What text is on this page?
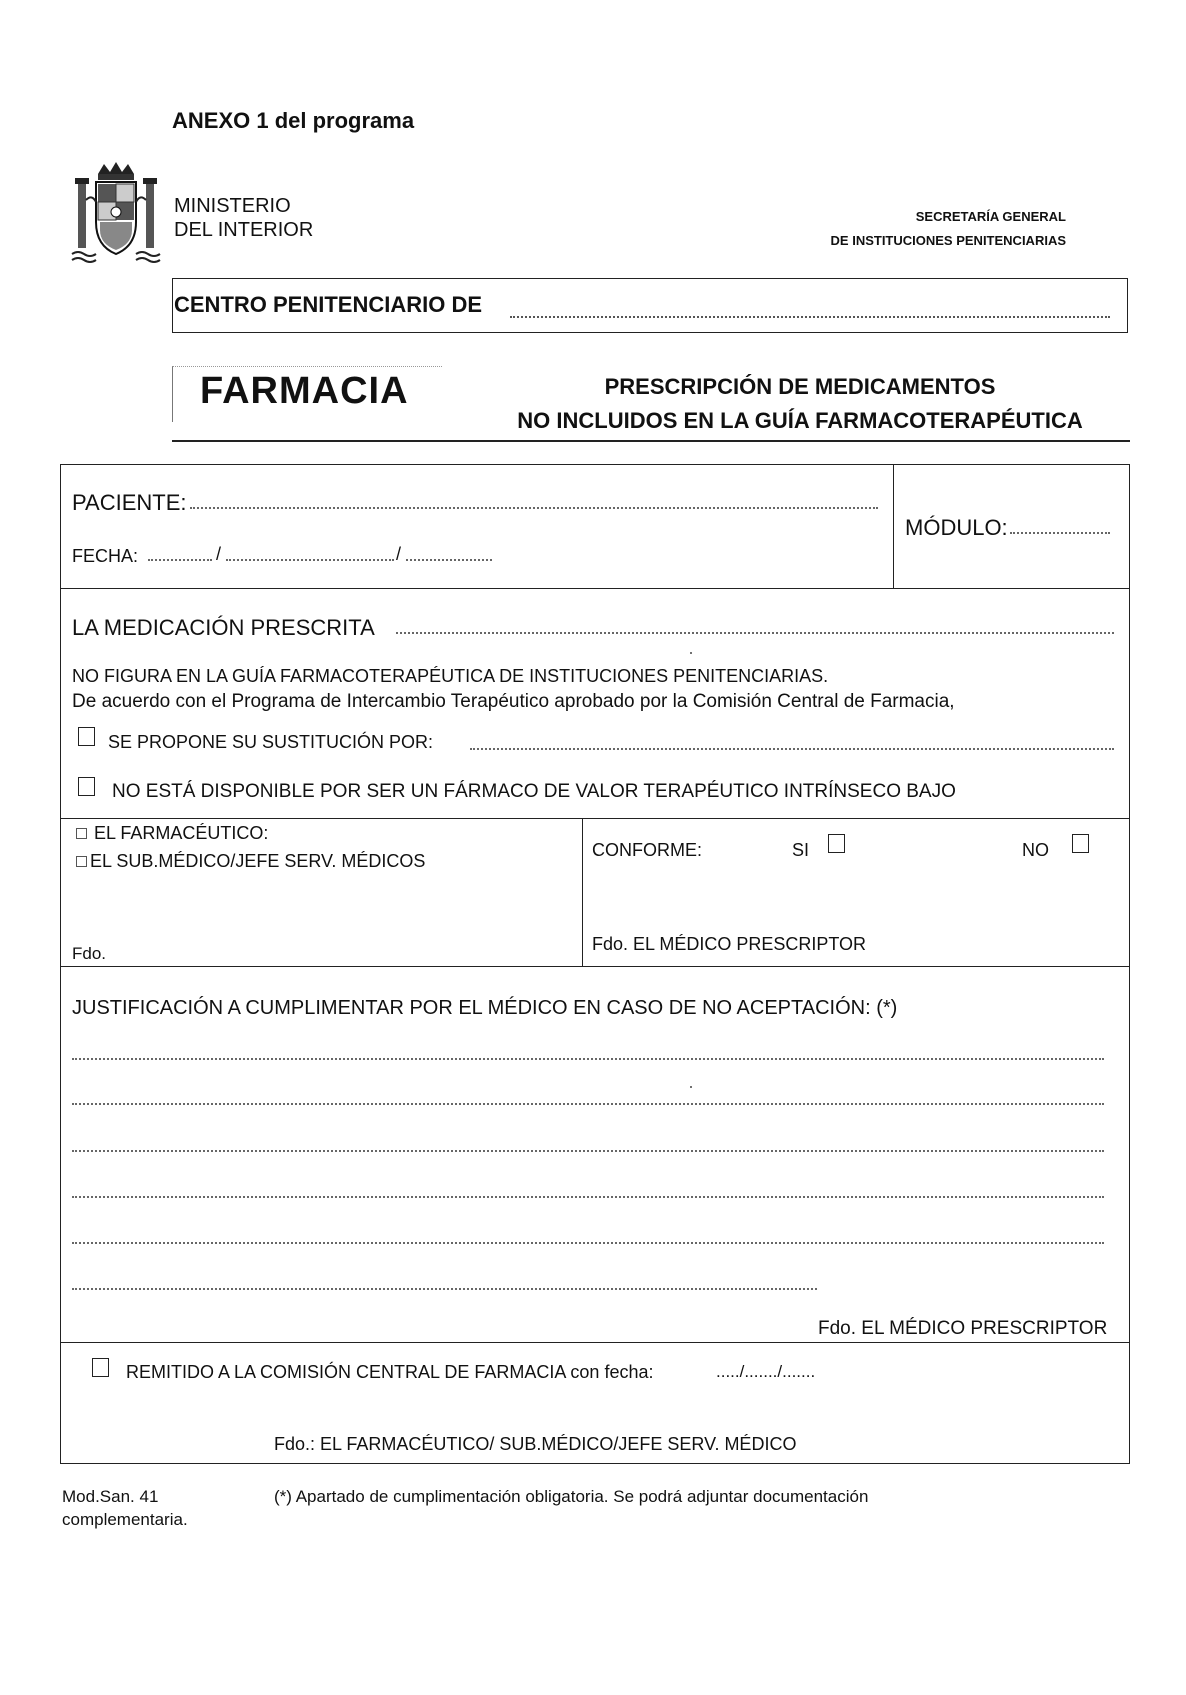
ANEXO 1 del programa
MINISTERIO
DEL INTERIOR
SECRETARÍA GENERAL
DE INSTITUCIONES PENITENCIARIAS
CENTRO PENITENCIARIO DE
FARMACIA	PRESCRIPCIÓN DE MEDICAMENTOS
NO INCLUIDOS EN LA GUÍA FARMACOTERAPÉUTICA
PACIENTE:
FECHA:	/	/
MÓDULO:
LA MEDICACIÓN PRESCRITA
NO FIGURA EN LA GUÍA FARMACOTERAPÉUTICA DE INSTITUCIONES PENITENCIARIAS.
De acuerdo con el Programa de Intercambio Terapéutico aprobado por la Comisión Central de Farmacia,
SE PROPONE SU SUSTITUCIÓN POR:
NO ESTÁ DISPONIBLE POR SER UN FÁRMACO DE VALOR TERAPÉUTICO INTRÍNSECO BAJO
EL FARMACÉUTICO:
EL SUB.MÉDICO/JEFE SERV. MÉDICOS
Fdo.
CONFORME:	SI	NO
Fdo. EL MÉDICO PRESCRIPTOR
JUSTIFICACIÓN A CUMPLIMENTAR POR EL MÉDICO EN CASO DE NO ACEPTACIÓN: (*)
Fdo. EL MÉDICO PRESCRIPTOR
REMITIDO A LA COMISIÓN CENTRAL DE FARMACIA con fecha:	...../......./.......
Fdo.: EL FARMACÉUTICO/ SUB.MÉDICO/JEFE SERV. MÉDICO
Mod.San. 41	(*) Apartado de cumplimentación obligatoria. Se podrá adjuntar documentación
complementaria.
